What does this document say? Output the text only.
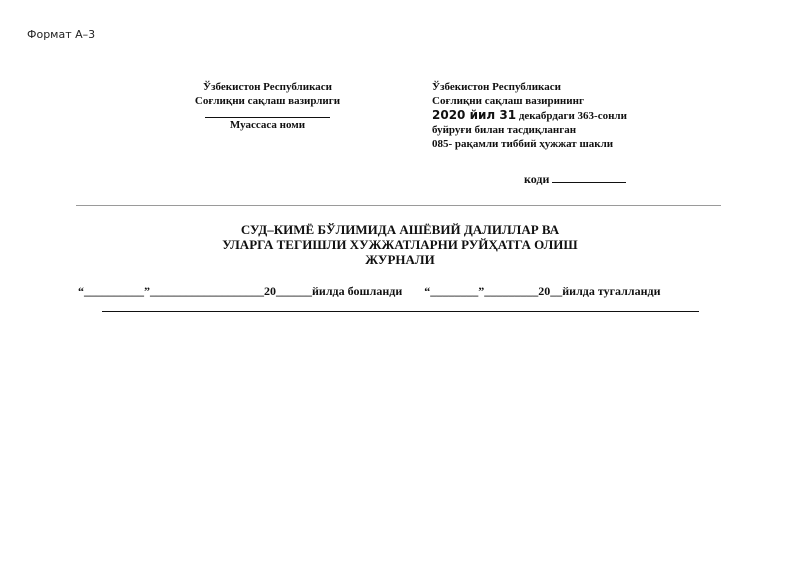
Формат А–3
Ўзбекистон Республикаси
Соғлиқни сақлаш вазирлиги
Муассаса номи
Ўзбекистон Республикаси
Соғлиқни сақлаш вазирининг
2020 йил 31 декабрдаги 363-сонли
буйруғи билан тасдиқланган
085- рақамли тиббий ҳужжат шакли
коди
СУД–КИМЁ БЎЛИМИДА АШЁВИЙ ДАЛИЛЛАР ВА
УЛАРГА ТЕГИШЛИ ХУЖЖАТЛАРНИ РУЙҲАТГА ОЛИШ
ЖУРНАЛИ
“__________”___________________20______йилда бошланди “________”_________20__йилда тугалланди
